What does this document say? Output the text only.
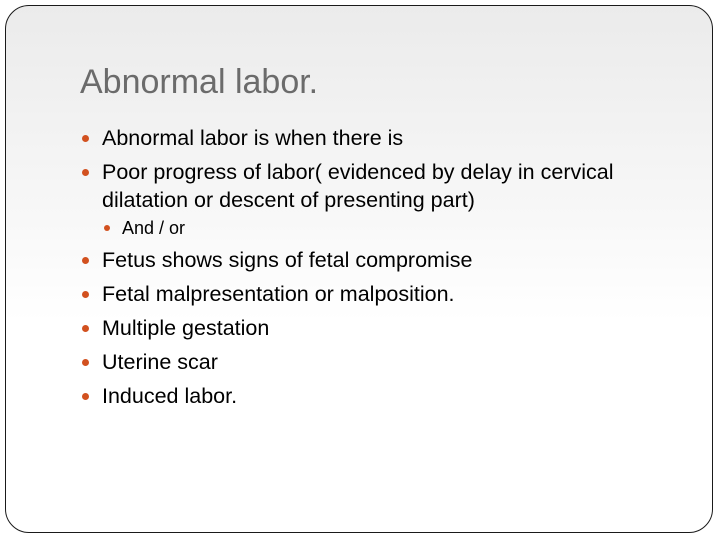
Abnormal labor.
Abnormal labor is when there is
Poor progress of labor( evidenced by delay in cervical dilatation or descent of presenting part)
And / or
Fetus shows signs of fetal compromise
Fetal malpresentation or malposition.
Multiple gestation
Uterine scar
Induced labor.
